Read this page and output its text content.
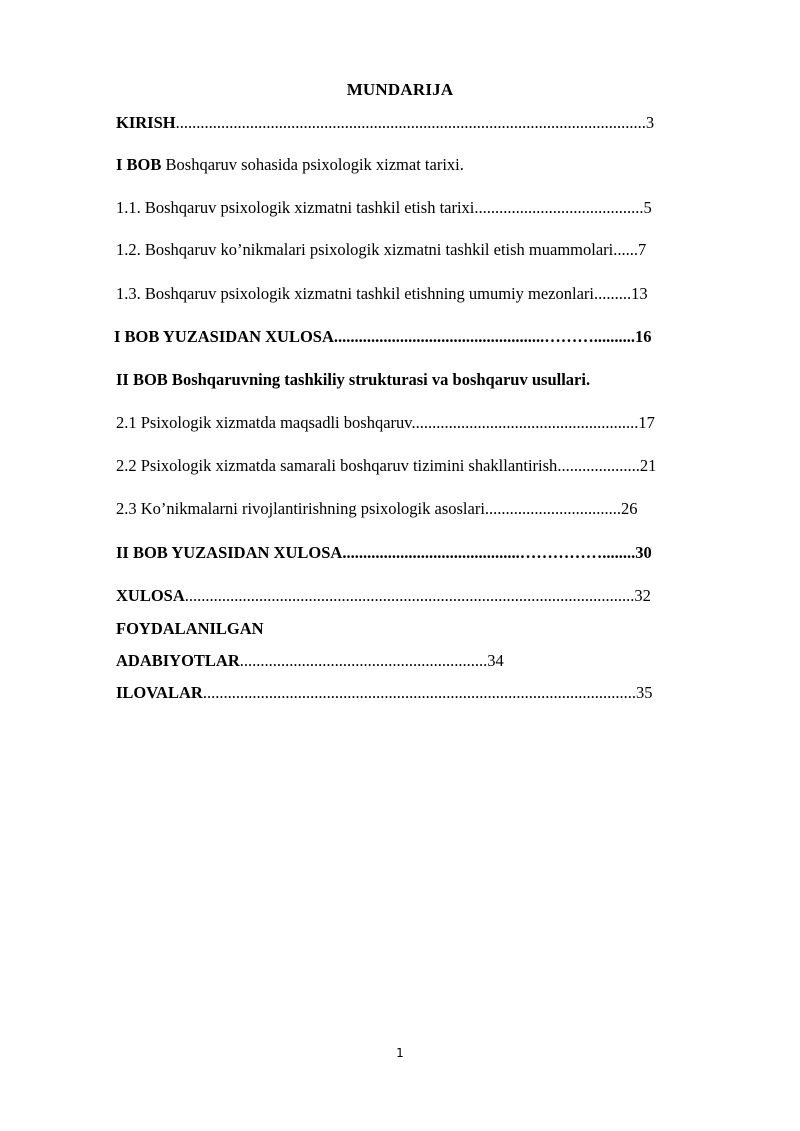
MUNDARIJA
KIRISH..................................................................................................................3
I BOB Boshqaruv sohasida psixologik xizmat tarixi.
1.1. Boshqaruv psixologik xizmatni tashkil etish tarixi.........................................5
1.2. Boshqaruv ko’nikmalari psixologik xizmatni tashkil etish muammolari......7
1.3. Boshqaruv psixologik xizmatni tashkil etishning umumiy mezonlari.........13
I BOB YUZASIDAN XULOSA...................................................………..........16
II BOB Boshqaruvning tashkiliy strukturasi va boshqaruv usullari.
2.1 Psixologik xizmatda maqsadli boshqaruv.......................................................17
2.2 Psixologik xizmatda samarali boshqaruv tizimini shakllantirish....................21
2.3 Ko’nikmalarni rivojlantirishning psixologik asoslari.................................26
II BOB YUZASIDAN XULOSA...........................................……………........30
XULOSA.............................................................................................................32
FOYDALANILGAN
ADABIYOTLAR............................................................34
ILOVALAR.........................................................................................................35
1
